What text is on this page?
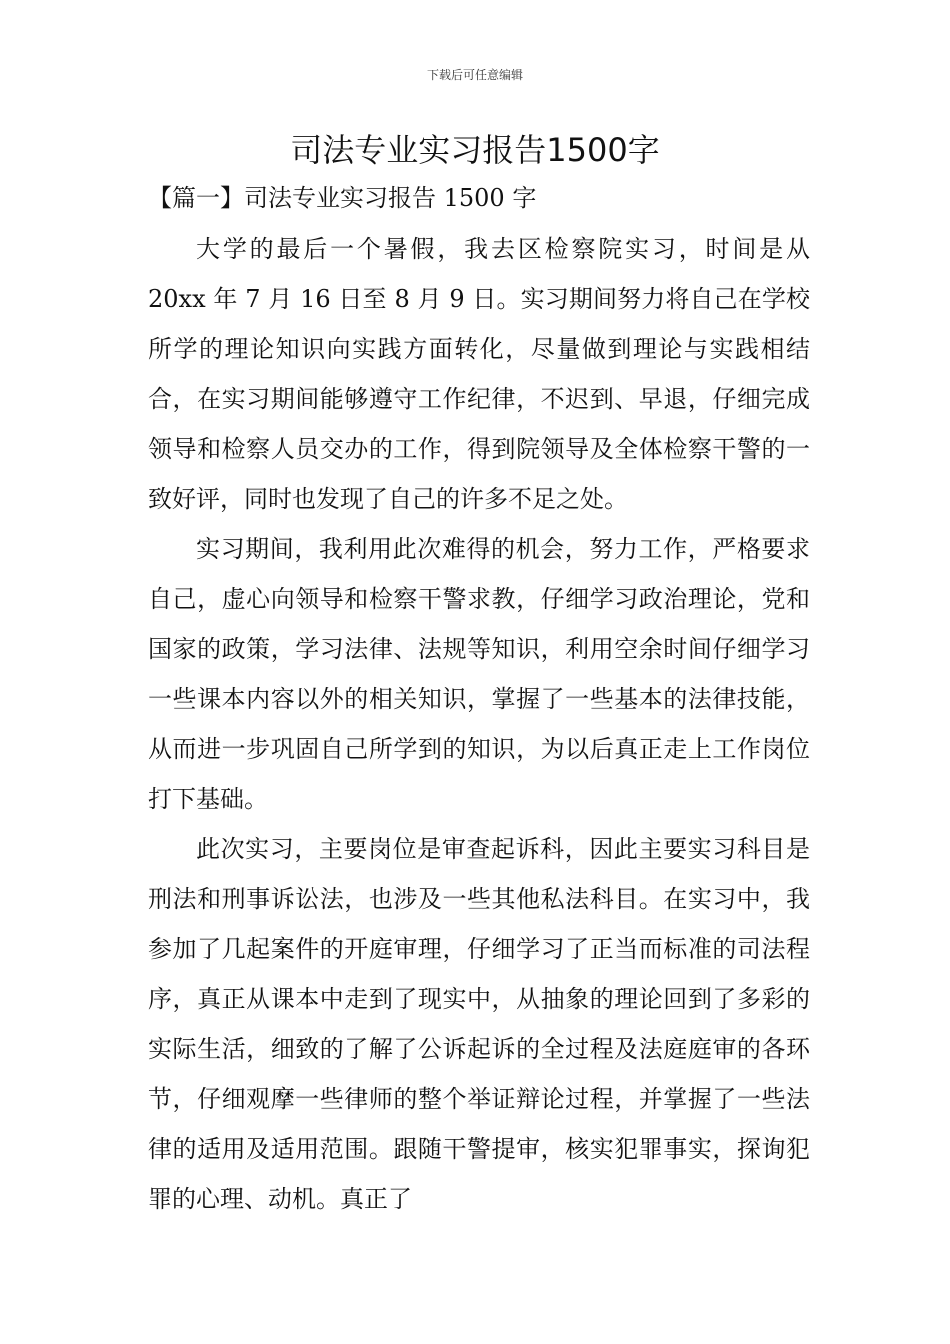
下载后可任意编辑
司法专业实习报告1500字
【篇一】司法专业实习报告 1500 字

大学的最后一个暑假，我去区检察院实习，时间是从 20xx 年 7 月 16 日至 8 月 9 日。实习期间努力将自己在学校所学的理论知识向实践方面转化，尽量做到理论与实践相结合，在实习期间能够遵守工作纪律，不迟到、早退，仔细完成领导和检察人员交办的工作，得到院领导及全体检察干警的一致好评，同时也发现了自己的许多不足之处。

实习期间，我利用此次难得的机会，努力工作，严格要求自己，虚心向领导和检察干警求教，仔细学习政治理论，党和国家的政策，学习法律、法规等知识，利用空余时间仔细学习一些课本内容以外的相关知识，掌握了一些基本的法律技能，从而进一步巩固自己所学到的知识，为以后真正走上工作岗位打下基础。

此次实习，主要岗位是审查起诉科，因此主要实习科目是刑法和刑事诉讼法，也涉及一些其他私法科目。在实习中，我参加了几起案件的开庭审理，仔细学习了正当而标准的司法程序，真正从课本中走到了现实中，从抽象的理论回到了多彩的实际生活，细致的了解了公诉起诉的全过程及法庭庭审的各环节，仔细观摩一些律师的整个举证辩论过程，并掌握了一些法律的适用及适用范围。跟随干警提审，核实犯罪事实，探询犯罪的心理、动机。真正了
